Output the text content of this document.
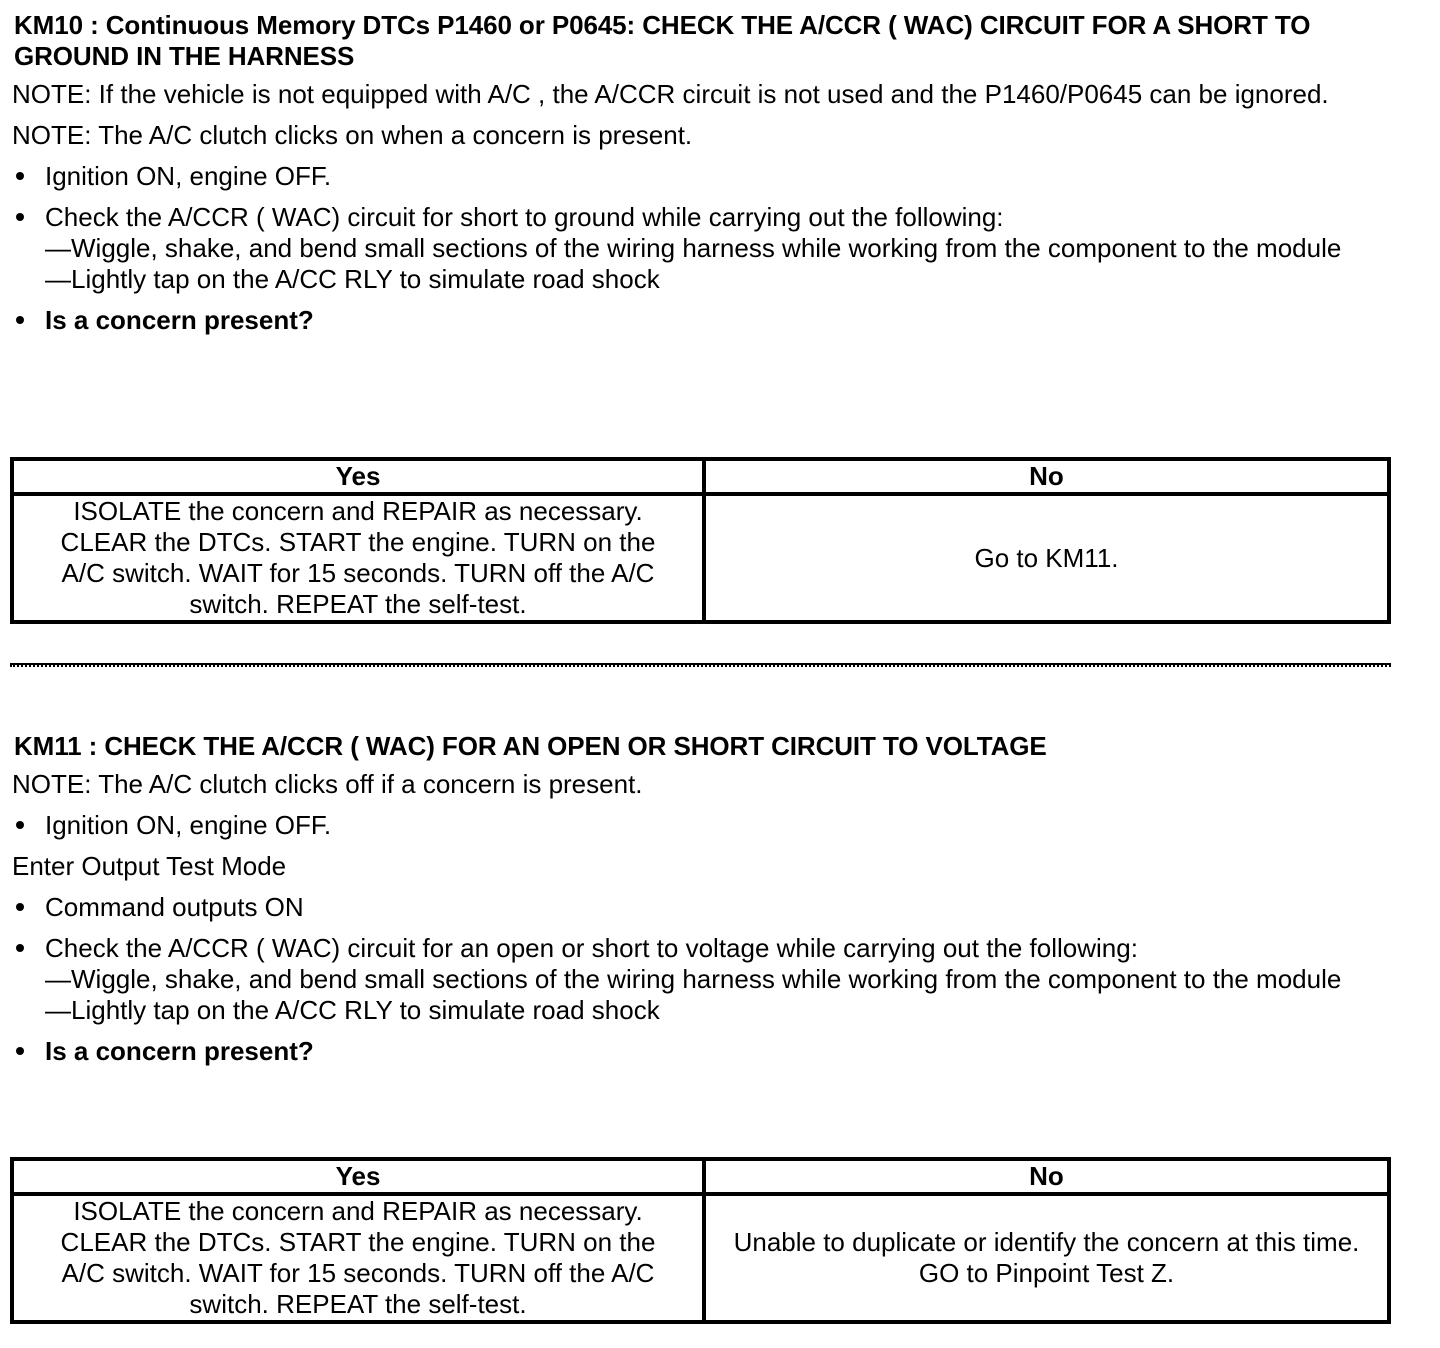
KM10 : Continuous Memory DTCs P1460 or P0645: CHECK THE A/CCR ( WAC) CIRCUIT FOR A SHORT TO GROUND IN THE HARNESS
NOTE: If the vehicle is not equipped with A/C , the A/CCR circuit is not used and the P1460/P0645 can be ignored.
NOTE: The A/C clutch clicks on when a concern is present.
Ignition ON, engine OFF.
Check the A/CCR ( WAC) circuit for short to ground while carrying out the following:
—Wiggle, shake, and bend small sections of the wiring harness while working from the component to the module
—Lightly tap on the A/CC RLY to simulate road shock
Is a concern present?
Yes	No
ISOLATE the concern and REPAIR as necessary. CLEAR the DTCs. START the engine. TURN on the A/C switch. WAIT for 15 seconds. TURN off the A/C switch. REPEAT the self-test.	Go to KM11.
KM11 : CHECK THE A/CCR ( WAC) FOR AN OPEN OR SHORT CIRCUIT TO VOLTAGE
NOTE: The A/C clutch clicks off if a concern is present.
Ignition ON, engine OFF.
Enter Output Test Mode
Command outputs ON
Check the A/CCR ( WAC) circuit for an open or short to voltage while carrying out the following:
—Wiggle, shake, and bend small sections of the wiring harness while working from the component to the module
—Lightly tap on the A/CC RLY to simulate road shock
Is a concern present?
Yes	No
ISOLATE the concern and REPAIR as necessary. CLEAR the DTCs. START the engine. TURN on the A/C switch. WAIT for 15 seconds. TURN off the A/C switch. REPEAT the self-test.	Unable to duplicate or identify the concern at this time. GO to Pinpoint Test Z.
